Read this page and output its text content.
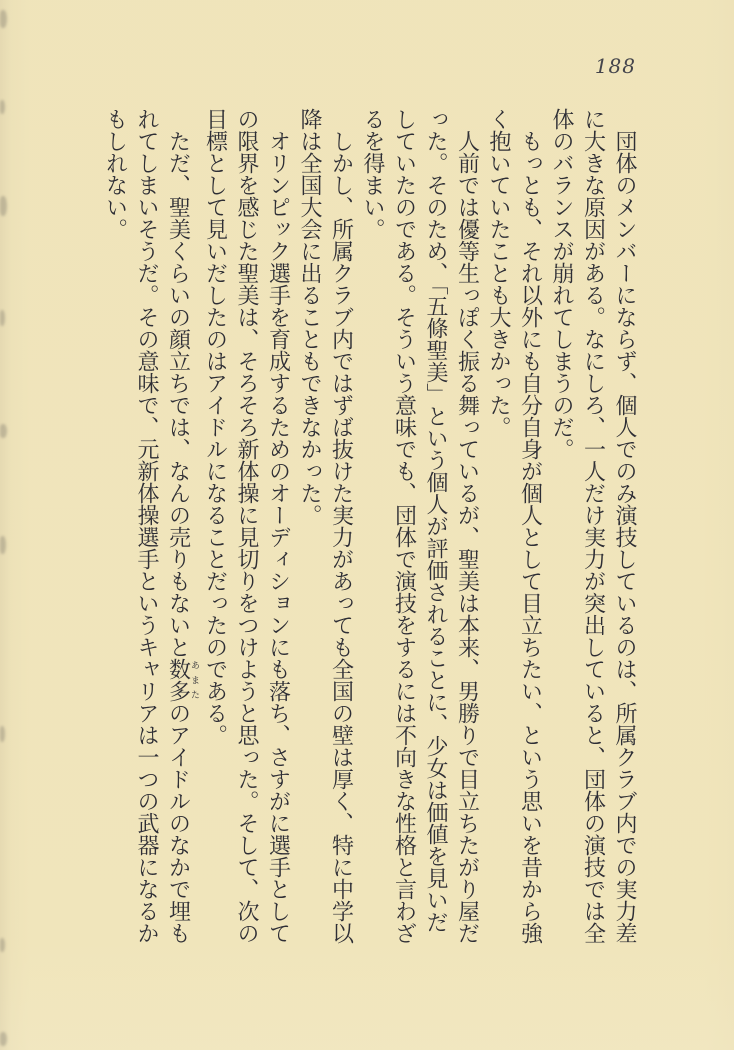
188

団体のメンバーにならず、個人でのみ演技しているのは、所属クラブ内での実力差に大きな原因がある。なにしろ、一人だけ実力が突出していると、団体の演技では全体のバランスが崩れてしまうのだ。

もっとも、それ以外にも自分自身が個人として目立ちたい、という思いを昔から強く抱いていたことも大きかった。

人前では優等生っぽく振る舞っているが、聖美は本来、男勝りで目立ちたがり屋だった。そのため、「五條聖美」という個人が評価されることに、少女は価値を見いだしていたのである。そういう意味でも、団体で演技をするには不向きな性格と言わざるを得まい。

しかし、所属クラブ内ではずば抜けた実力があっても全国の壁は厚く、特に中学以降は全国大会に出ることもできなかった。

オリンピック選手を育成するためのオーディションにも落ち、さすがに選手としての限界を感じた聖美は、そろそろ新体操に見切りをつけようと思った。そして、次の目標として見いだしたのはアイドルになることだったのである。

ただ、聖美くらいの顔立ちでは、なんの売りもないと数多あまたのアイドルのなかで埋もれてしまいそうだ。その意味で、元新体操選手というキャリアは一つの武器になるかもしれない。
